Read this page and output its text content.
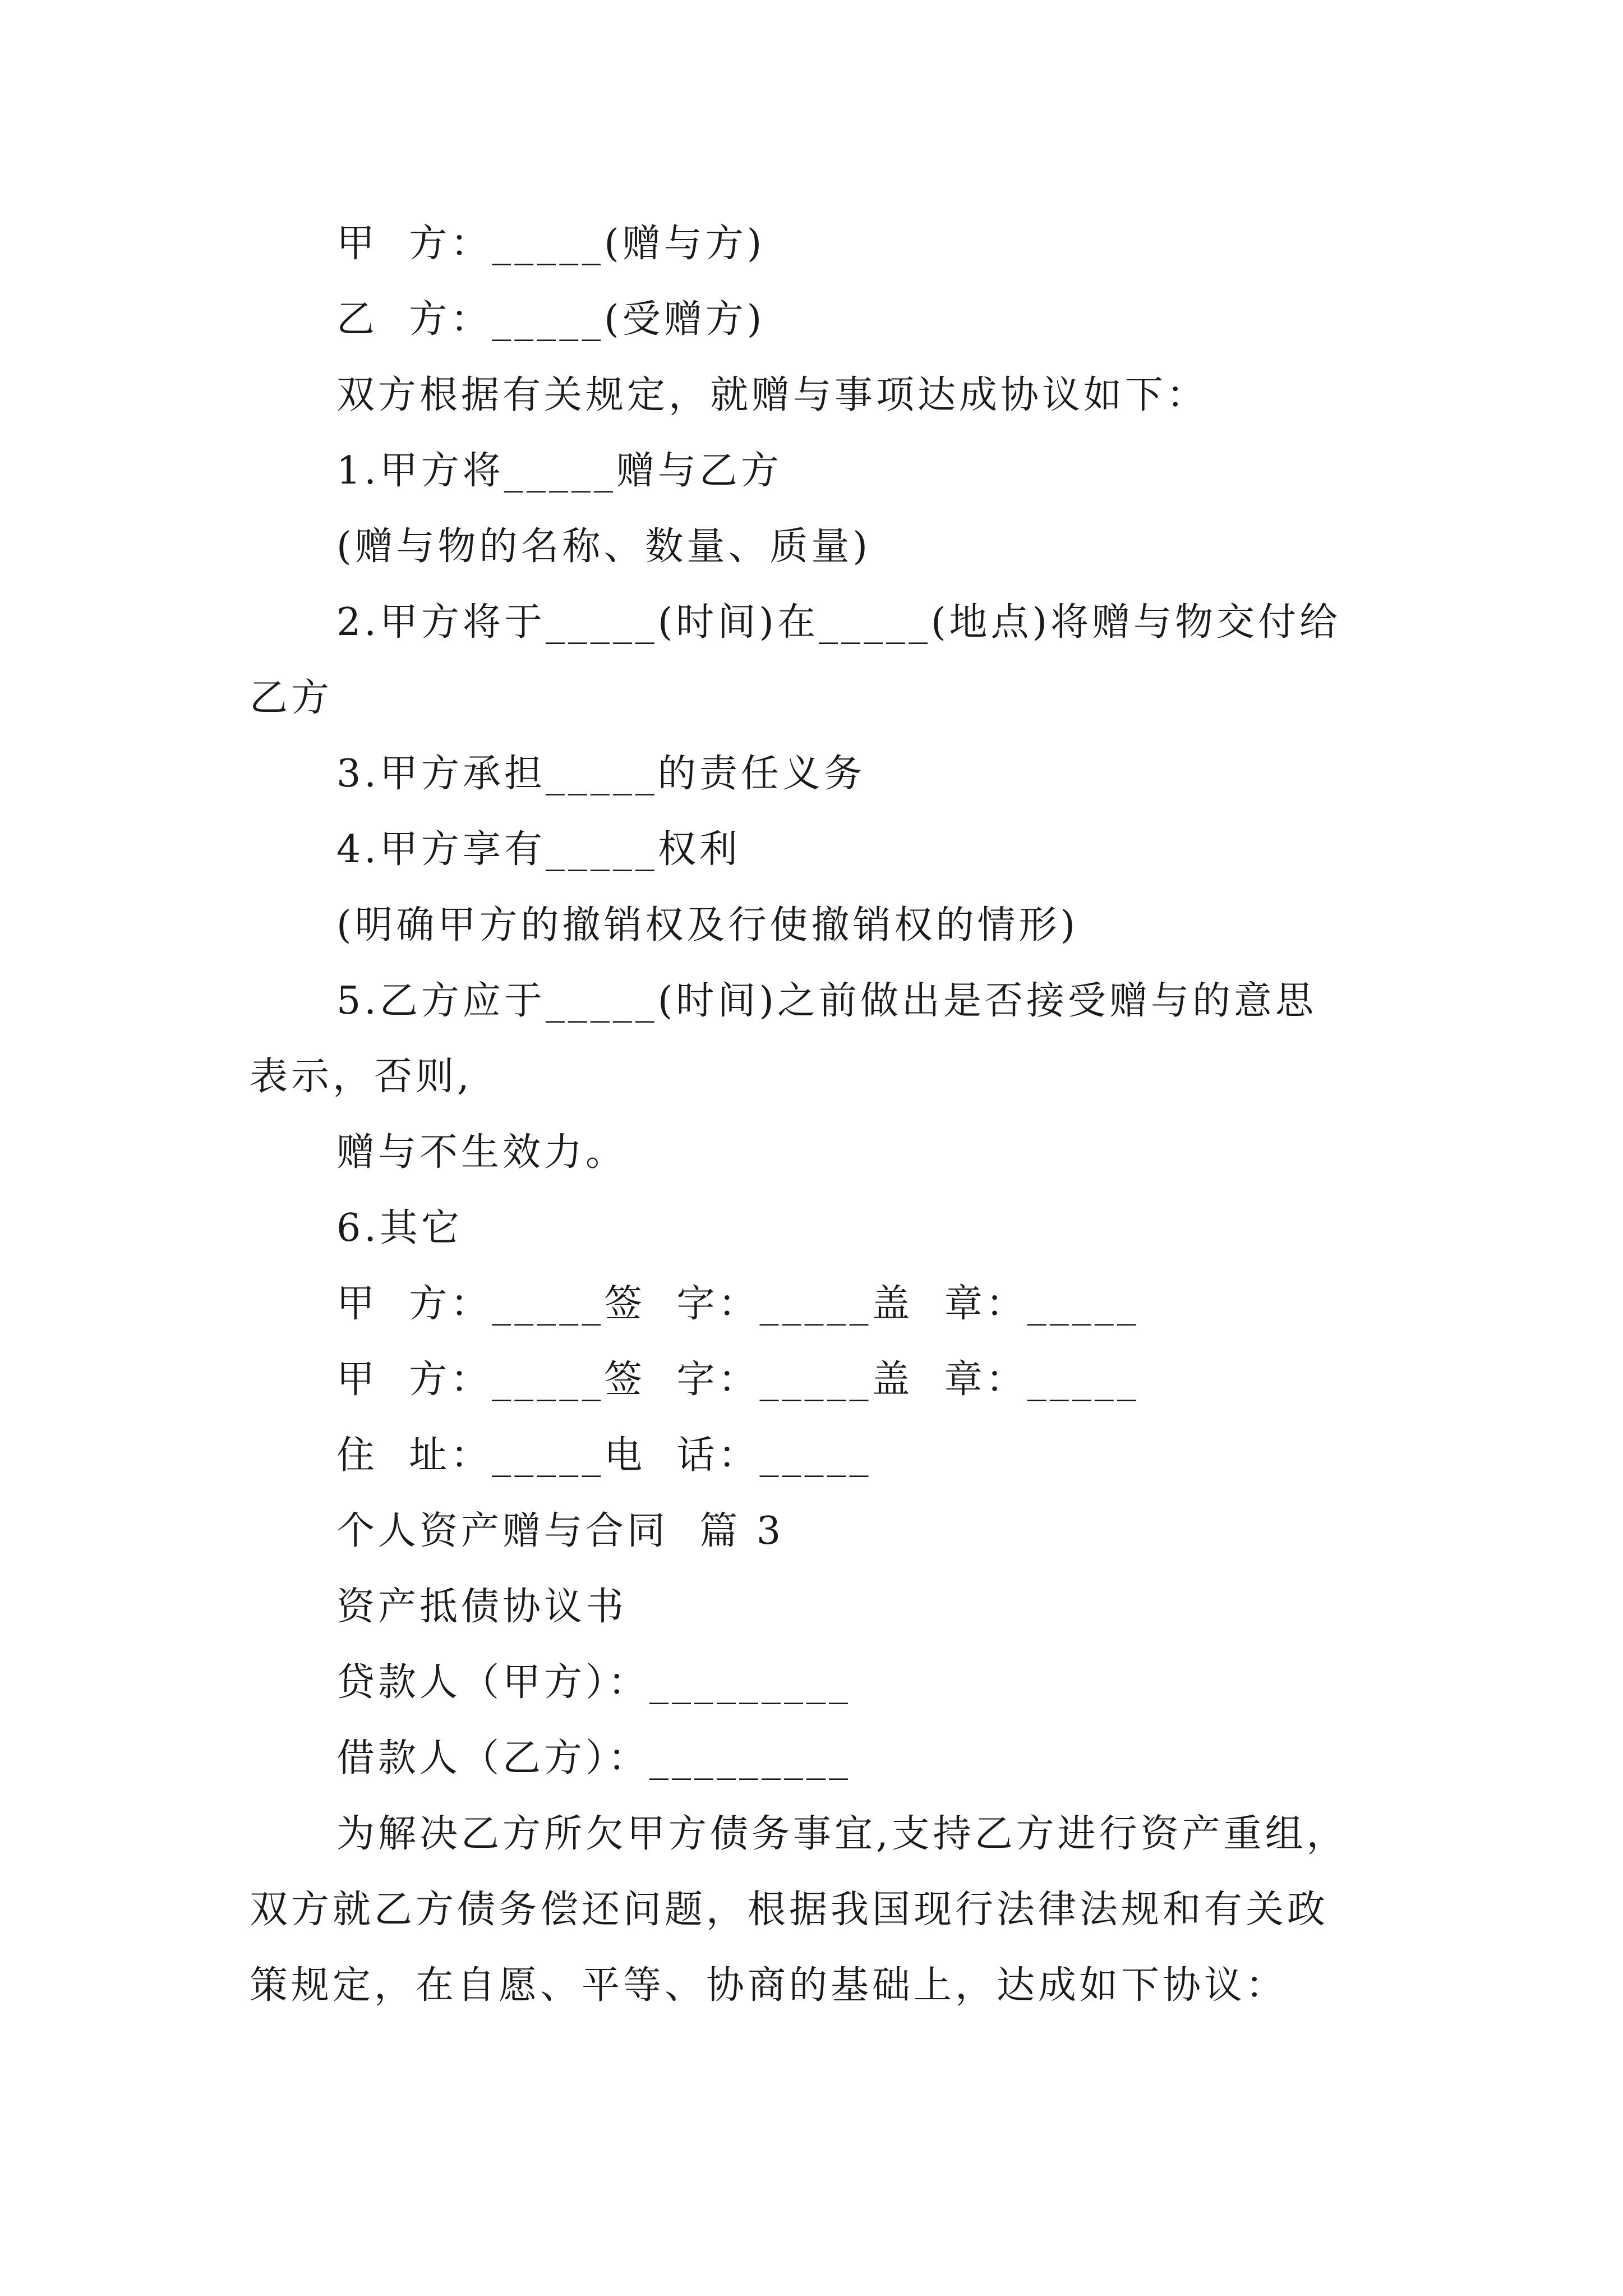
甲  方：_____(赠与方)
乙  方：_____(受赠方)
双方根据有关规定，就赠与事项达成协议如下：
1.甲方将_____赠与乙方
(赠与物的名称、数量、质量)
2.甲方将于_____(时间)在_____(地点)将赠与物交付给
乙方
3.甲方承担_____的责任义务
4.甲方享有_____权利
(明确甲方的撤销权及行使撤销权的情形)
5.乙方应于_____(时间)之前做出是否接受赠与的意思
表示，否则,
赠与不生效力。
6.其它
甲  方：_____签  字：_____盖  章：_____
甲  方：_____签  字：_____盖  章：_____
住  址：_____电  话：_____
个人资产赠与合同  篇 3
资产抵债协议书
贷款人（甲方）：_________
借款人（乙方）：_________
为解决乙方所欠甲方债务事宜,支持乙方进行资产重组，
双方就乙方债务偿还问题，根据我国现行法律法规和有关政
策规定，在自愿、平等、协商的基础上，达成如下协议：
